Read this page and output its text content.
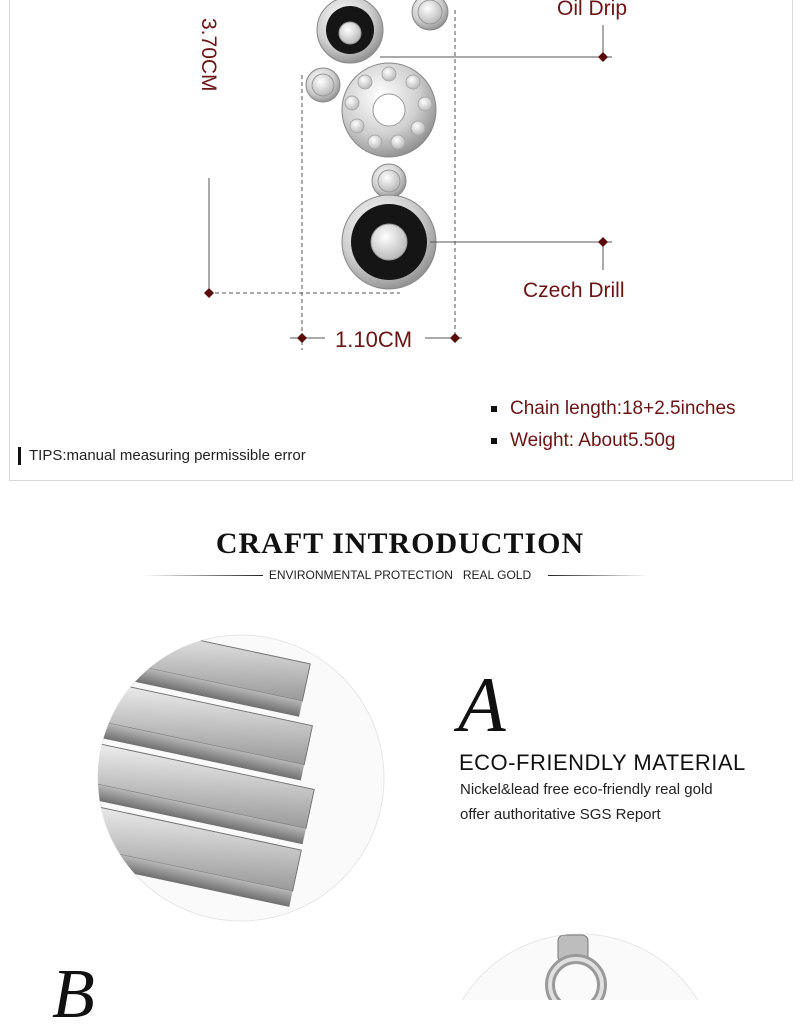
Oil Drip
Czech Drill
3.70CM
1.10CM
Chain length:18+2.5inches
Weight: About5.50g
TIPS:manual measuring permissible error
CRAFT INTRODUCTION
ENVIRONMENTAL PROTECTION   REAL GOLD
A
ECO-FRIENDLY MATERIAL
Nickel&lead free eco-friendly real gold
offer authoritative SGS Report
B
